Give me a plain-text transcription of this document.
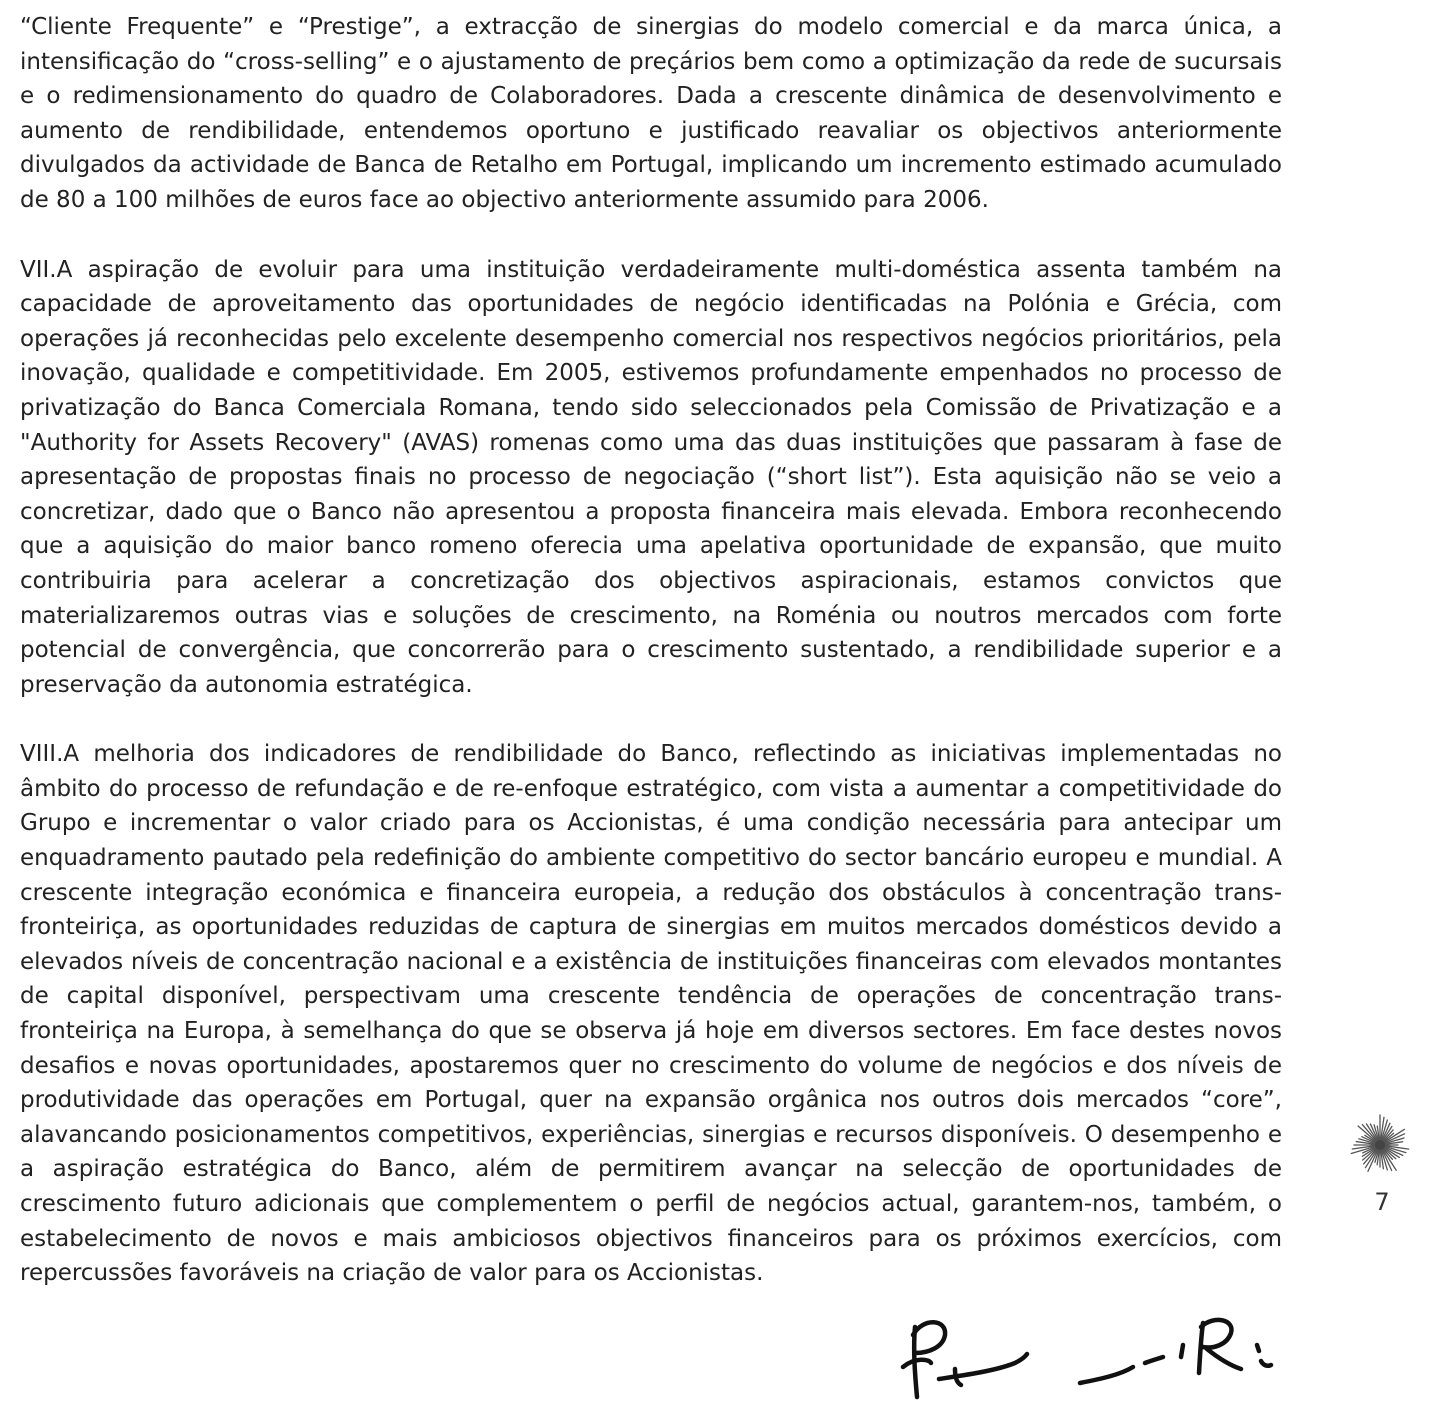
“Cliente Frequente” e “Prestige”, a extracção de sinergias do modelo comercial e da marca única, a intensificação do “cross-selling” e o ajustamento de preçários bem como a optimização da rede de sucursais e o redimensionamento do quadro de Colaboradores. Dada a crescente dinâmica de desenvolvimento e aumento de rendibilidade, entendemos oportuno e justificado reavaliar os objectivos anteriormente divulgados da actividade de Banca de Retalho em Portugal, implicando um incremento estimado acumulado de 80 a 100 milhões de euros face ao objectivo anteriormente assumido para 2006.

VII.A aspiração de evoluir para uma instituição verdadeiramente multi-doméstica assenta também na capacidade de aproveitamento das oportunidades de negócio identificadas na Polónia e Grécia, com operações já reconhecidas pelo excelente desempenho comercial nos respectivos negócios prioritários, pela inovação, qualidade e competitividade. Em 2005, estivemos profundamente empenhados no processo de privatização do Banca Comerciala Romana, tendo sido seleccionados pela Comissão de Privatização e a "Authority for Assets Recovery" (AVAS) romenas como uma das duas instituições que passaram à fase de apresentação de propostas finais no processo de negociação (“short list”). Esta aquisição não se veio a concretizar, dado que o Banco não apresentou a proposta financeira mais elevada. Embora reconhecendo que a aquisição do maior banco romeno oferecia uma apelativa oportunidade de expansão, que muito contribuiria para acelerar a concretização dos objectivos aspiracionais, estamos convictos que materializaremos outras vias e soluções de crescimento, na Roménia ou noutros mercados com forte potencial de convergência, que concorrerão para o crescimento sustentado, a rendibilidade superior e a preservação da autonomia estratégica.

VIII.A melhoria dos indicadores de rendibilidade do Banco, reflectindo as iniciativas implementadas no âmbito do processo de refundação e de re-enfoque estratégico, com vista a aumentar a competitividade do Grupo e incrementar o valor criado para os Accionistas, é uma condição necessária para antecipar um enquadramento pautado pela redefinição do ambiente competitivo do sector bancário europeu e mundial. A crescente integração económica e financeira europeia, a redução dos obstáculos à concentração trans-fronteiriça, as oportunidades reduzidas de captura de sinergias em muitos mercados domésticos devido a elevados níveis de concentração nacional e a existência de instituições financeiras com elevados montantes de capital disponível, perspectivam uma crescente tendência de operações de concentração trans-fronteiriça na Europa, à semelhança do que se observa já hoje em diversos sectores. Em face destes novos desafios e novas oportunidades, apostaremos quer no crescimento do volume de negócios e dos níveis de produtividade das operações em Portugal, quer na expansão orgânica nos outros dois mercados “core”, alavancando posicionamentos competitivos, experiências, sinergias e recursos disponíveis. O desempenho e a aspiração estratégica do Banco, além de permitirem avançar na selecção de oportunidades de crescimento futuro adicionais que complementem o perfil de negócios actual, garantem-nos, também, o estabelecimento de novos e mais ambiciosos objectivos financeiros para os próximos exercícios, com repercussões favoráveis na criação de valor para os Accionistas.

7
